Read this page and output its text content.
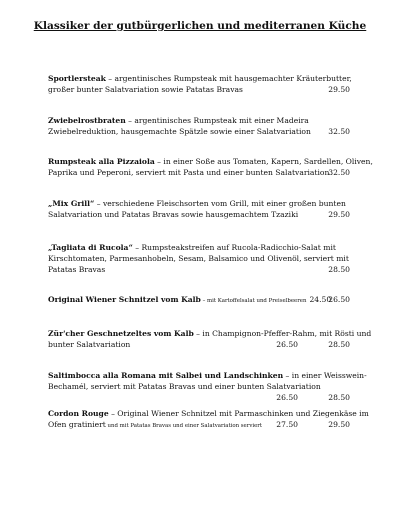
Klassiker der gutbürgerlichen und mediterranen Küche
Sportlersteak – argentinisches Rumpsteak mit hausgemachter Kräuterbutter,
großer bunter Salatvariation sowie Patatas Bravas	29.50
Zwiebelrostbraten – argentinisches Rumpsteak mit einer Madeira
Zwiebelreduktion, hausgemachte Spätzle sowie einer Salatvariation 32.50
Rumpsteak alla Pizzaiola – in einer Soße aus Tomaten, Kapern, Sardellen, Oliven,
Paprika und Peperoni, serviert mit Pasta und einer bunten Salatvariation
32.50
„Mix Grill“ – verschiedene Fleischsorten vom Grill, mit einer großen bunten
Salatvariation und Patatas Bravas sowie hausgemachtem Tzaziki	29.50
„Tagliata di Rucola“ – Rumpsteakstreifen auf Rucola-Radicchio-Salat mit
Kirschtomaten, Parmesanhobeln, Sesam, Balsamico und Olivenöl, serviert mit
Patatas Bravas	28.50
Original Wiener Schnitzel vom Kalb – mit Kartoffelsalat und Preiselbeeren 24.50
26.50
Zür'cher Geschnetzeltes vom Kalb – in Champignon-Pfeffer-Rahm, mit Rösti und
bunter Salatvariation	26.50	28.50
Saltimbocca alla Romana mit Salbei und Landschinken – in einer Weisswein-
Bechamél, serviert mit Patatas Bravas und einer bunten Salatvariation
26.50	28.50
Cordon Rouge – Original Wiener Schnitzel mit Parmaschinken und Ziegenkäse im
Ofen gratiniert und mit Patatas Bravas und einer Salatvariation serviert 27.50	29.50
